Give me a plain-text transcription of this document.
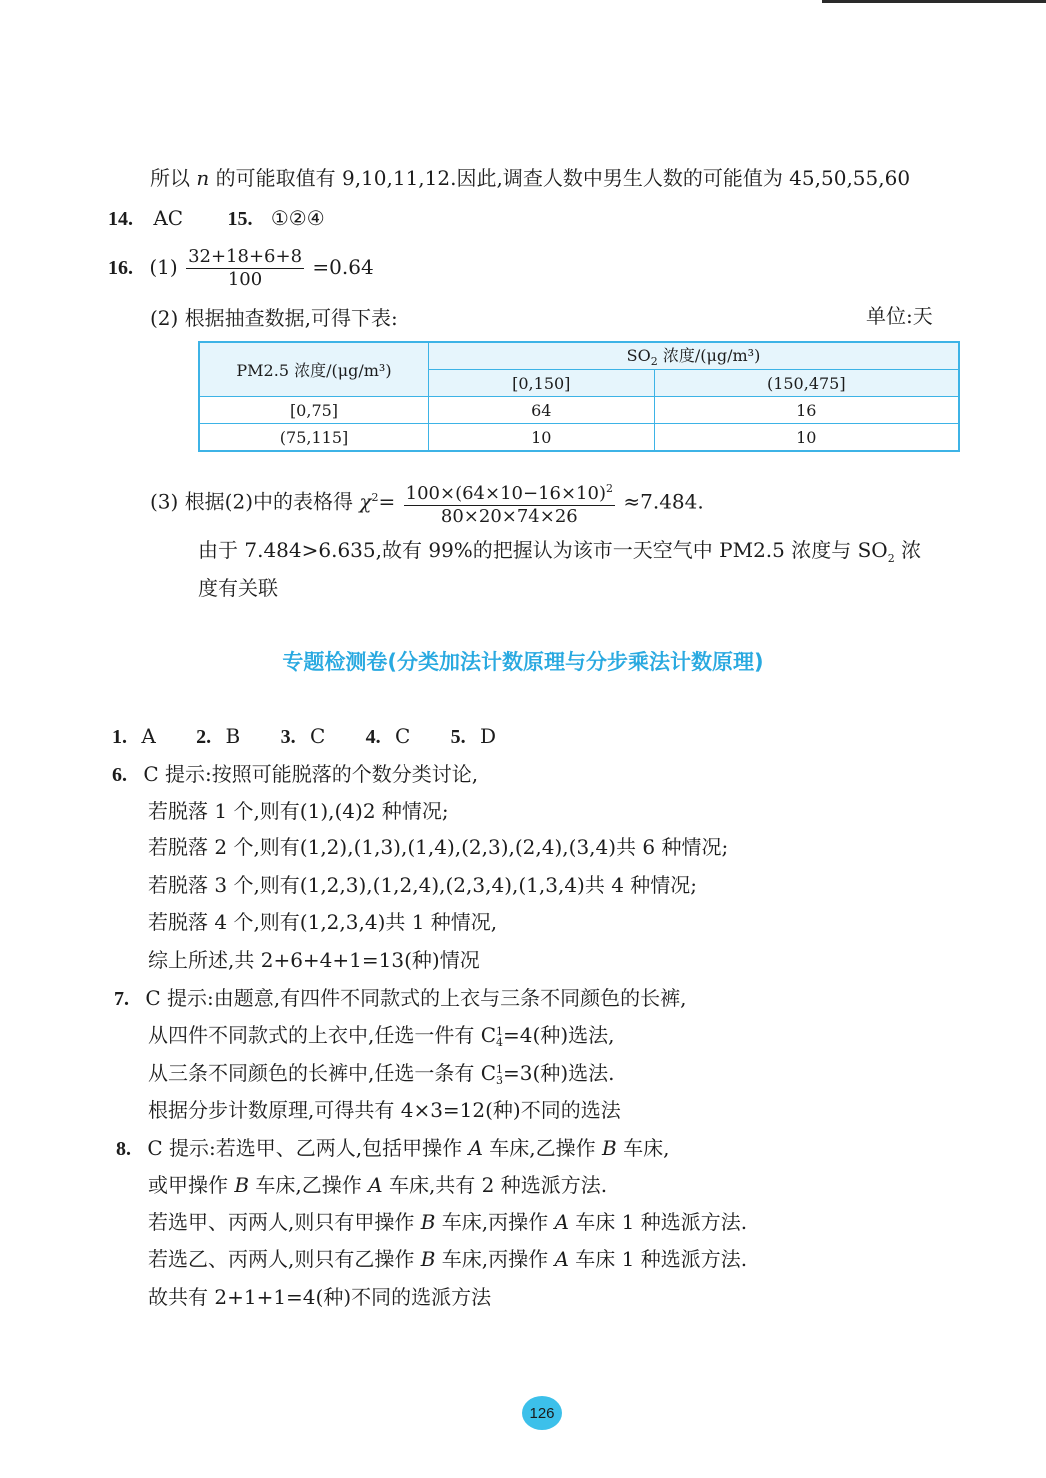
所以 n 的可能取值有 9,10,11,12.因此,调查人数中男生人数的可能值为 45,50,55,60
14. AC 15. ①②④
16. $(1) \frac{32+18+6+8}{100} =0.64$
(2) 根据抽查数据,可得下表:	单位:天
PM2.5 浓度/(μg/m³)	$SO_2$ 浓度/(μg/m³)	
	[0,150]	(150,475]
[0,75]	64	16
(75,115]	10	10
(3) 根据(2)中的表格得 $\chi^2= \frac{100\times(64\times 10-16\times 10)^2}{80\times 20\times 74\times 26} \approx 7.484$.
由于 7.484>6.635,故有 99%的把握认为该市一天空气中 PM2.5 浓度与 $SO_2$ 浓
度有关联
专题检测卷(分类加法计数原理与分步乘法计数原理)
1. A 2. B 3. C 4. C 5. D
6. C 提示:按照可能脱落的个数分类讨论,
若脱落 1 个,则有(1),(4)2 种情况;
若脱落 2 个,则有(1,2),(1,3),(1,4),(2,3),(2,4),(3,4)共 6 种情况;
若脱落 3 个,则有(1,2,3),(1,2,4),(2,3,4),(1,3,4)共 4 种情况;
若脱落 4 个,则有(1,2,3,4)共 1 种情况,
综上所述,共 2+6+4+1=13(种)情况
7. C 提示:由题意,有四件不同款式的上衣与三条不同颜色的长裤,
从四件不同款式的上衣中,任选一件有 C 1
4 =4(种)选法,
从三条不同颜色的长裤中,任选一条有 C 1
3 =3(种)选法.
根据分步计数原理,可得共有 4×3=12(种)不同的选法
8. C 提示:若选甲、乙两人,包括甲操作 A 车床,乙操作 B 车床,
或甲操作 B 车床,乙操作 A 车床,共有 2 种选派方法.
若选甲、丙两人,则只有甲操作 B 车床,丙操作 A 车床 1 种选派方法.
若选乙、丙两人,则只有乙操作 B 车床,丙操作 A 车床 1 种选派方法.
故共有 2+1+1=4(种)不同的选派方法
126
